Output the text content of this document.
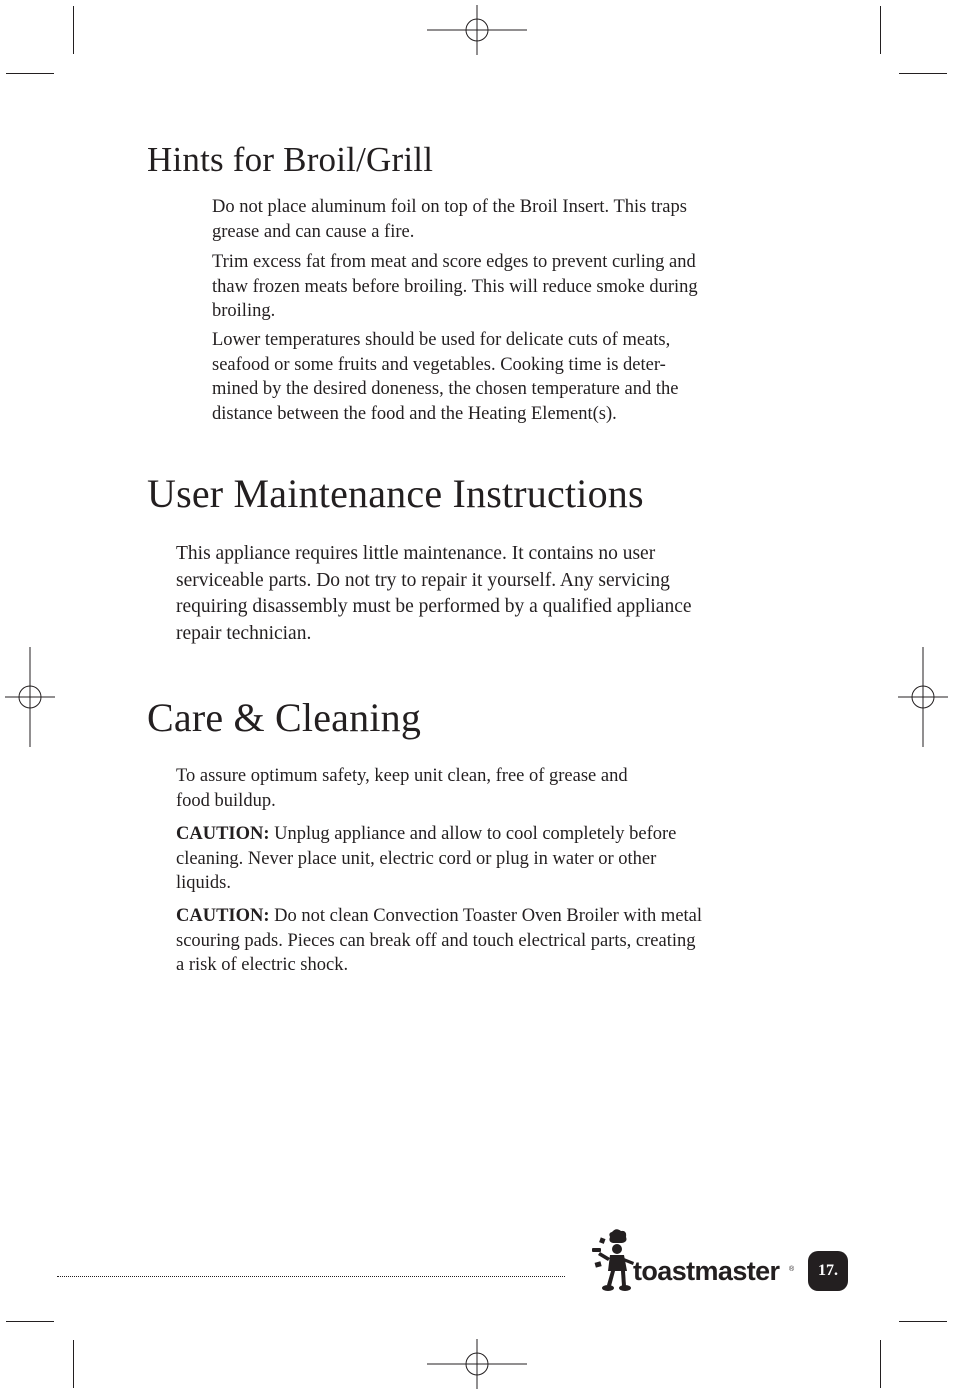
Hints for Broil/Grill

Do not place aluminum foil on top of the Broil Insert. This traps
grease and can cause a fire.

Trim excess fat from meat and score edges to prevent curling and
thaw frozen meats before broiling. This will reduce smoke during
broiling.

Lower temperatures should be used for delicate cuts of meats,
seafood or some fruits and vegetables. Cooking time is deter-
mined by the desired doneness, the chosen temperature and the
distance between the food and the Heating Element(s).

User Maintenance Instructions

This appliance requires little maintenance. It contains no user
serviceable parts. Do not try to repair it yourself. Any servicing
requiring disassembly must be performed by a qualified appliance
repair technician.

Care & Cleaning

To assure optimum safety, keep unit clean, free of grease and
food buildup.

CAUTION: Unplug appliance and allow to cool completely before
cleaning. Never place unit, electric cord or plug in water or other
liquids.

CAUTION: Do not clean Convection Toaster Oven Broiler with metal
scouring pads. Pieces can break off and touch electrical parts, creating
a risk of electric shock.

toastmaster ® 17.
